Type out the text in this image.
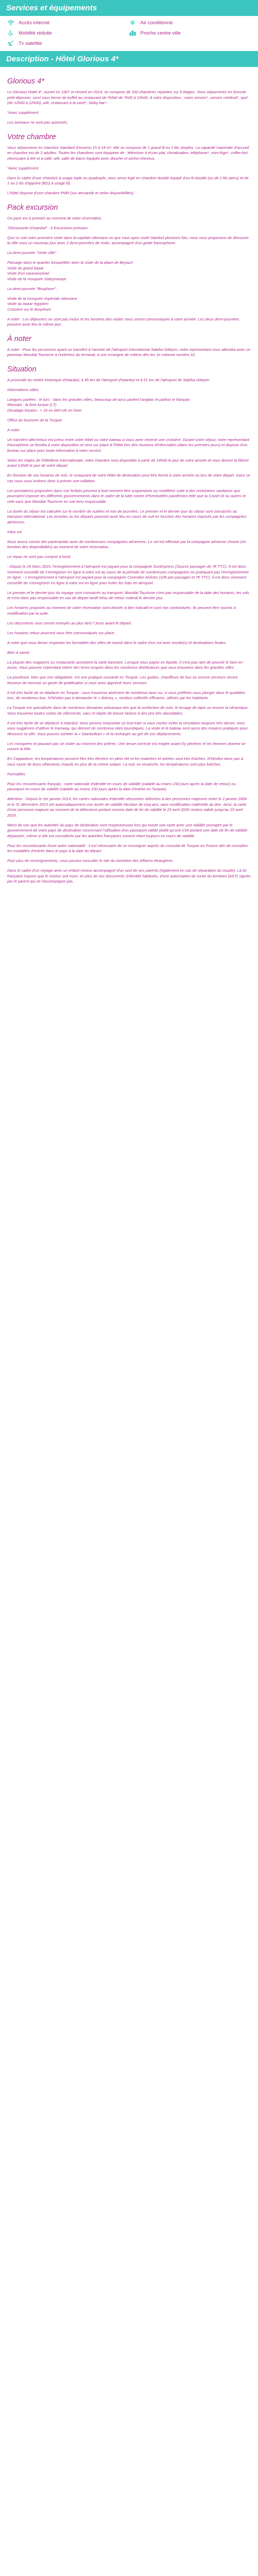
Services et équipements
Accès internet	Air conditionné
Mobilité réduite	Proche centre ville
Tv satellite
Description - Hôtel Glorious 4*
Glorious 4*

Le Glorious Hotel 4*, ouvert en 1967 et rénové en 2014, se compose de 100 chambres réparties sur 6 étages. Vous séjournerez en formule petit déjeuner, servi sous forme de buffet au restaurant de l'hôtel de 7h00 à 10h00. A votre disposition : room service*, service médical*, spa* (de 12h00 à 22h00), wifi, restaurant à la carte*, lobby bar*.

*Avec supplément

Les animaux ne sont pas autorisés.

Votre chambre

Vous séjournerez en chambre standard d'environ 15 à 18 m², elle se compose de 1 grand lit ou 2 lits simples. La capacité maximale d'accueil en chambre est de 2 adultes. Toutes les chambres sont équipées de : télévision à écran plat, climatisation, téléphone*, mini-frigo*, coffre-fort, nécessaire à thé et à café, wifi, salle de bains équipée avec douche et sèche-cheveux.

*Avec supplément

Dans le cadre d'une chambre à usage triple ou quadruple, vous serez logé en chambre double équipé d'un lit double (ou de 2 lits twins) et de 1 ou 2 lits d'appoint (lit(s) à usage lit).

L'hôtel dispose d'une chambre PMR (sur demande et selon disponibilités).

Pack excursion

Ce pack est à prendre au moment de votre réservation.

"Découverte d'Istanbul" : 6 Excursions prévues

Que ce soit votre première visite dans la capitale ottomane ou que vous ayez visité Istanbul plusieurs fois, nous vous proposons de découvrir la ville sous un nouveau jour avec 2 demi-journées de visite, accompagné d'un guide francophone.

La demi-journée "Visite ville" :

Passage dans le quartier bosquettier avec la visite de la place de Beyazıt
Visite du grand bazar
Visite d'un caravansérail
Visite de la mosquée Süleymaniye

La demi-journée "Bosphore" :

Visite de la mosquée impériale ottomane
Visite du bazar égyptien
Croisière sur le Bosphore

A noter : Les déjeuners ne sont pas inclus et les horaires des visites vous seront communiqués à votre arrivée. Les deux demi-journées peuvent avoir lieu le même jour.

À noter

A noter : Pour les personnes ayant un transfert à l'arrivée de l'aéroport International Sabiha Gökçen, notre représentant vous attendra avec un panneau Mondial Tourisme à l'extérieur du terminal, à une enseigne de métrox dès les 1e colonne numéro 10.

Situation

A proximité du centre historique d'Istanbul, à 45 km de l'aéroport d'Istanbul et à 51 km de l'aéroport de Sabiha Gökçen

Informations utiles

Langues parlées : le turc - dans les grandes villes, beaucoup de turcs parlent l'anglais et parfois le français
Monnaie : la livre turque (LT)
Décalage horaire : + 1h en été/+2h en hiver

Office du tourisme de la Turquie

A noter

Un transfert aller/retour est prévu entre votre hôtel ou votre bateau si vous avez réservé une croisière. Durant votre séjour, notre représentant francophone se tiendra à votre disposition et sera sur place à l'hôtel lors des réunions d'information (dans les premiers jours) et dispose d'un bureau sur place pour toute information à votre service.

Selon les règles de l'hôtellerie internationale, votre chambre sera disponible à partir de 14h00 le jour de votre arrivée et vous devrez la libérer avant 12h00 le jour de votre départ.

En fonction de vos horaires de vols, le restaurant de votre hôtel de destination peut être fermé à votre arrivée ou lors de votre départ. Dans ce cas nous vous invitons donc à prévoir une collation.

Les prestations proposées dans nos forfaits peuvent à tout moment être suspendues ou modifiées suite à des restrictions sanitaires que pourraient imposer les différents gouvernements dans le cadre de la lutte contre d'éventuelles pandémies telle que la Covid-19 ou autres et cela sans que Mondial Tourisme en soit tenu responsable.

La durée du séjour est calculée sur le nombre de nuitées et non de journées. Le premier et le dernier jour du séjour sont consacrés au transport international. Les arrivées ou les départs pourront avoir lieu en cours de nuit en fonction des horaires imposés par les compagnies aériennes.

Infos vol

Nous avons conclu des partenariats avec de nombreuses compagnies aériennes. Le vol est effectué par la compagnie aérienne choisie (en fonction des disponibilités) au moment de votre réservation.

Le repas ne sont pas compris à bord.

- Depuis le 26 Mars 2023, l'enregistrement à l'aéroport est payant pour la compagnie SunExpress (Source passager de 7€ TTC). Il est donc vivement conseillé de s'enregistrer en ligne à votre vol au cours de la période de nombreuses compagnies ne pratiquant pas l'enregistrement en ligne. - L'enregistrement à l'aéroport est payant pour la compagnie Corendon Airlines (10€ par passager et 7€ TTC). Il est donc vivement conseillé de s'enregistrer en ligne à votre vol en ligne pour éviter les frais en aéroport.

Le premier et le dernier jour du voyage sont consacrés au transport. Mondial Tourisme n'est pas responsable de la date des horaires, les vols et n'est donc pas responsable en cas de départ tardif et/ou de retour matinal le dernier jour.

Les horaires proposés au moment de votre réservation sont donnés à titre indicatif et sont non contractuels. Ils peuvent être soumis à modification par la suite.

Les documents vous seront envoyés au plus tard 7 jours avant le départ.

Les horaires retour pourront vous être communiqués sur place.

A noter que vous devez respecter les formalités des villes de transit dans le cadre d'un vol avec escale(s) et destinations finales.

Bien à savoir

La plupart des magasins ou restaurants acceptent la carte bancaire. Lorsque vous payez en liquide, il n'est pas rare de pouvoir le faire en euros. Vous pourrez cependant retirer des livres turques dans les nombreux distributeurs que vous trouverez dans les grandes villes.

La pourboire, bien que non obligatoire, est une pratique courante en Turquie. Les guides, chauffeurs de bus ou encore serveurs seront heureux de recevoir un geste de gratification si vous avez apprécié leurs services.

Il est très facile de se déplacer en Turquie : vous trouverez aisément de nombreux taxis ou, si vous préférez vous plonger dans le quotidien turc, de nombreux bus. N'hésitez pas à demander le « dolmuş », minibus collectifs efficaces, utilisés par les habitants.

La Turquie est spécialisée dans de nombreux domaines artisanaux tels que la confection de soie, le tissage de tapis ou encore la céramique. Vous trouverez toutes sortes de vêtements, sacs et objets de bonne facture à des prix très abordables.

Il est très facile de se déplacer à Istanbul. Vous pouvez emprunter un tout train si vous voulez éviter la circulation toujours très dense, vous vous suggérons d'utiliser le tramway, qui dessert de nombreux sites touristiques. La visite et le bateau sont aussi des moyens pratiques pour découvrir la ville. Vous pouvez acheter la « İstanbulkart » et la recharger au gré de vos déplacements.

Les mosquées et pouvant pas se visiter au moment des prières. Une tenue correcte est exigée avant d'y pénétrer et les femmes doivent se couvrir la tête.

En Cappadoce, les températures peuvent être très élevées en plein été et les matinées et soirées sont très fraîches. N'hésitez donc pas à vous munir de bons vêtements chauds en plus de la crème solaire. La nuit, en revanche, les températures sont plus fraîches.

Formalités

Pour les ressortissants français : carte nationale d'identité en cours de validité (valable au moins 150 jours après la date de retour) ou passeport en cours de validité (valable au moins 150 jours après la date d'entrée en Turquie).

Attention : Depuis le 1er janvier 2014, les cartes nationales d'identité sécurisées délivrées à des personnes majeures entre le 2 janvier 2004 et le 31 décembre 2013 ont automatiquement une durée de validité étendue de cinq ans, sans modification matérielle du titre. Ainsi, la carte d'une personne majeure au moment de la délivrance portant comme date de fin de validité le 23 avril 2020 restera valide jusqu'au 23 avril 2025.

Merci de voir que les autorités du pays de destination sont respectueuses lors qui existe une carte avec une validité prorogée par le gouvernement de votre pays de destination concernant l'utilisation d'un passeport valide plutôt qu'une CNI portant une date de fin de validité dépassée, même si elle est considérée par les autorités françaises comme étant toujours en cours de validité.

Pour les ressortissants d'une autre nationalité : il est nécessaire de se renseigner auprès du consulat de Turquie en France afin de connaître les modalités d'entrée dans le pays à la date du départ.

Pour plus de renseignements, vous pouvez consulter le site du ministère des Affaires étrangères.

Dans le cadre d'un voyage avec un enfant mineur accompagné d'un seul de ses parents (également en cas de séparation du couple). La loi française impose que le mineur soit muni, en plus de ses documents d'identité habituels, d'une autorisation de sortie du territoire (AST) signée par le parent qui ne l'accompagne pas.
